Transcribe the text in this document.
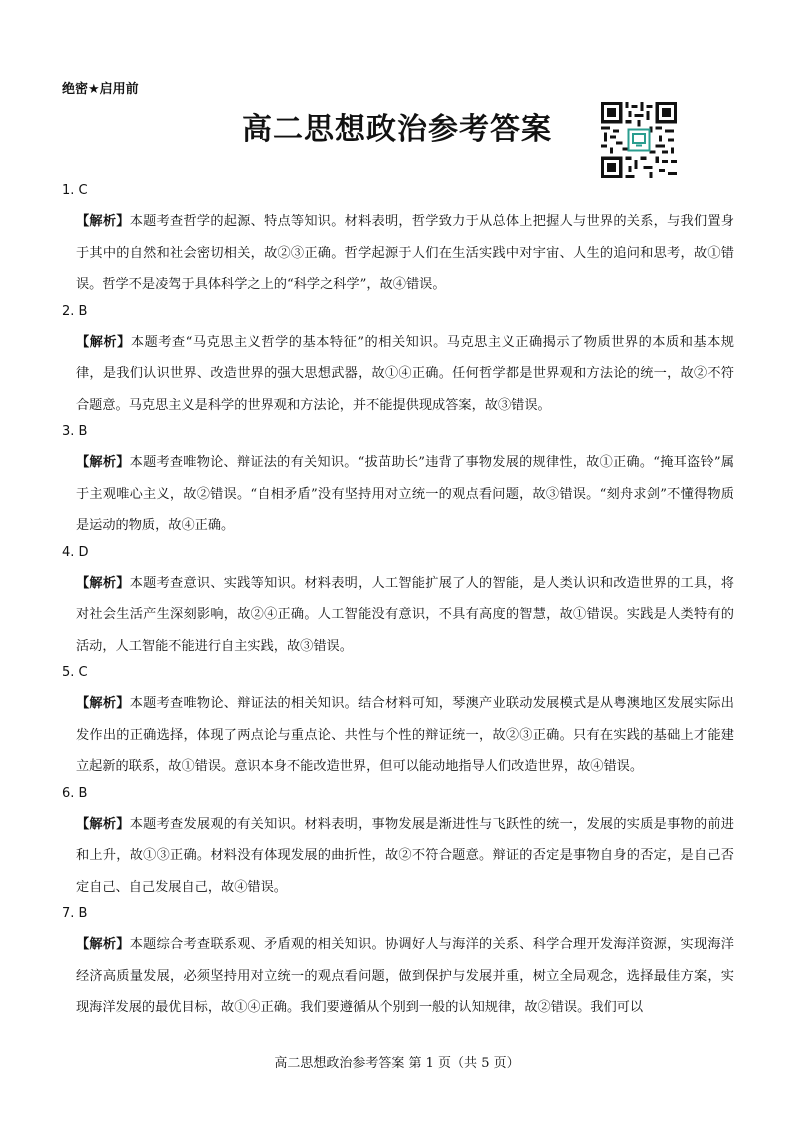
绝密★启用前
高二思想政治参考答案
1. C
【解析】本题考查哲学的起源、特点等知识。材料表明，哲学致力于从总体上把握人与世界的关系，与我们置身于其中的自然和社会密切相关，故②③正确。哲学起源于人们在生活实践中对宇宙、人生的追问和思考，故①错误。哲学不是凌驾于具体科学之上的“科学之科学”，故④错误。
2. B
【解析】本题考查“马克思主义哲学的基本特征”的相关知识。马克思主义正确揭示了物质世界的本质和基本规律，是我们认识世界、改造世界的强大思想武器，故①④正确。任何哲学都是世界观和方法论的统一，故②不符合题意。马克思主义是科学的世界观和方法论，并不能提供现成答案，故③错误。
3. B
【解析】本题考查唯物论、辩证法的有关知识。“拔苗助长”违背了事物发展的规律性，故①正确。“掩耳盗铃”属于主观唯心主义，故②错误。“自相矛盾”没有坚持用对立统一的观点看问题，故③错误。“刻舟求剑”不懂得物质是运动的物质，故④正确。
4. D
【解析】本题考查意识、实践等知识。材料表明，人工智能扩展了人的智能，是人类认识和改造世界的工具，将对社会生活产生深刻影响，故②④正确。人工智能没有意识，不具有高度的智慧，故①错误。实践是人类特有的活动，人工智能不能进行自主实践，故③错误。
5. C
【解析】本题考查唯物论、辩证法的相关知识。结合材料可知，琴澳产业联动发展模式是从粤澳地区发展实际出发作出的正确选择，体现了两点论与重点论、共性与个性的辩证统一，故②③正确。只有在实践的基础上才能建立起新的联系，故①错误。意识本身不能改造世界，但可以能动地指导人们改造世界，故④错误。
6. B
【解析】本题考查发展观的有关知识。材料表明，事物发展是渐进性与飞跃性的统一，发展的实质是事物的前进和上升，故①③正确。材料没有体现发展的曲折性，故②不符合题意。辩证的否定是事物自身的否定，是自己否定自己、自己发展自己，故④错误。
7. B
【解析】本题综合考查联系观、矛盾观的相关知识。协调好人与海洋的关系、科学合理开发海洋资源，实现海洋经济高质量发展，必须坚持用对立统一的观点看问题，做到保护与发展并重，树立全局观念，选择最佳方案，实现海洋发展的最优目标，故①④正确。我们要遵循从个别到一般的认知规律，故②错误。我们可以
高二思想政治参考答案 第 1 页（共 5 页）
